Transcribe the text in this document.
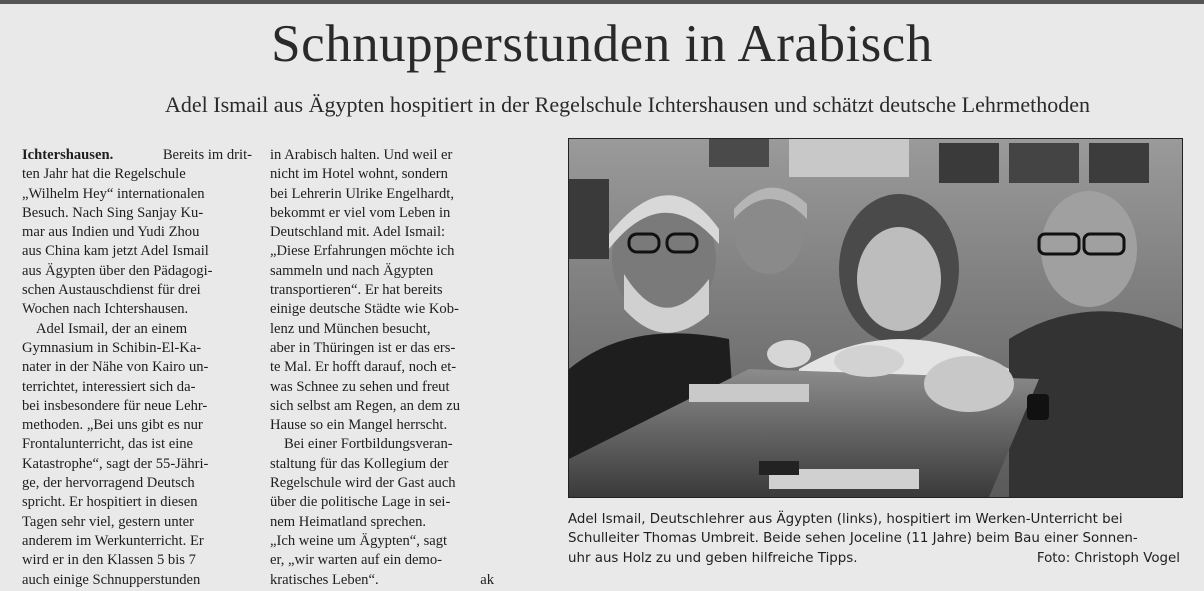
Schnupperstunden in Arabisch
Adel Ismail aus Ägypten hospitiert in der Regelschule Ichtershausen und schätzt deutsche Lehrmethoden
Ichtershausen.	Bereits im drit-
ten Jahr hat die Regelschule
„Wilhelm Hey“ internationalen
Besuch. Nach Sing Sanjay Ku-
mar aus Indien und Yudi Zhou
aus China kam jetzt Adel Ismail
aus Ägypten über den Pädagogi-
schen Austauschdienst für drei
Wochen nach Ichtershausen.
Adel Ismail, der an einem
Gymnasium in Schibin-El-Ka-
nater in der Nähe von Kairo un-
terrichtet, interessiert sich da-
bei insbesondere für neue Lehr-
methoden. „Bei uns gibt es nur
Frontalunterricht, das ist eine
Katastrophe“, sagt der 55-Jähri-
ge, der hervorragend Deutsch
spricht. Er hospitiert in diesen
Tagen sehr viel, gestern unter
anderem im Werkunterricht. Er
wird er in den Klassen 5 bis 7
auch einige Schnupperstunden
in Arabisch halten. Und weil er
nicht im Hotel wohnt, sondern
bei Lehrerin Ulrike Engelhardt,
bekommt er viel vom Leben in
Deutschland mit. Adel Ismail:
„Diese Erfahrungen möchte ich
sammeln und nach Ägypten
transportieren“. Er hat bereits
einige deutsche Städte wie Kob-
lenz und München besucht,
aber in Thüringen ist er das ers-
te Mal. Er hofft darauf, noch et-
was Schnee zu sehen und freut
sich selbst am Regen, an dem zu
Hause so ein Mangel herrscht.
Bei einer Fortbildungsveran-
staltung für das Kollegium der
Regelschule wird der Gast auch
über die politische Lage in sei-
nem Heimatland sprechen.
„Ich weine um Ägypten“, sagt
er, „wir warten auf ein demo-
kratisches Leben“.	ak
Adel Ismail, Deutschlehrer aus Ägypten (links), hospitiert im Werken-Unterricht bei
Schulleiter Thomas Umbreit. Beide sehen Joceline (11 Jahre) beim Bau einer Sonnen-
uhr aus Holz zu und geben hilfreiche Tipps.	Foto: Christoph Vogel
